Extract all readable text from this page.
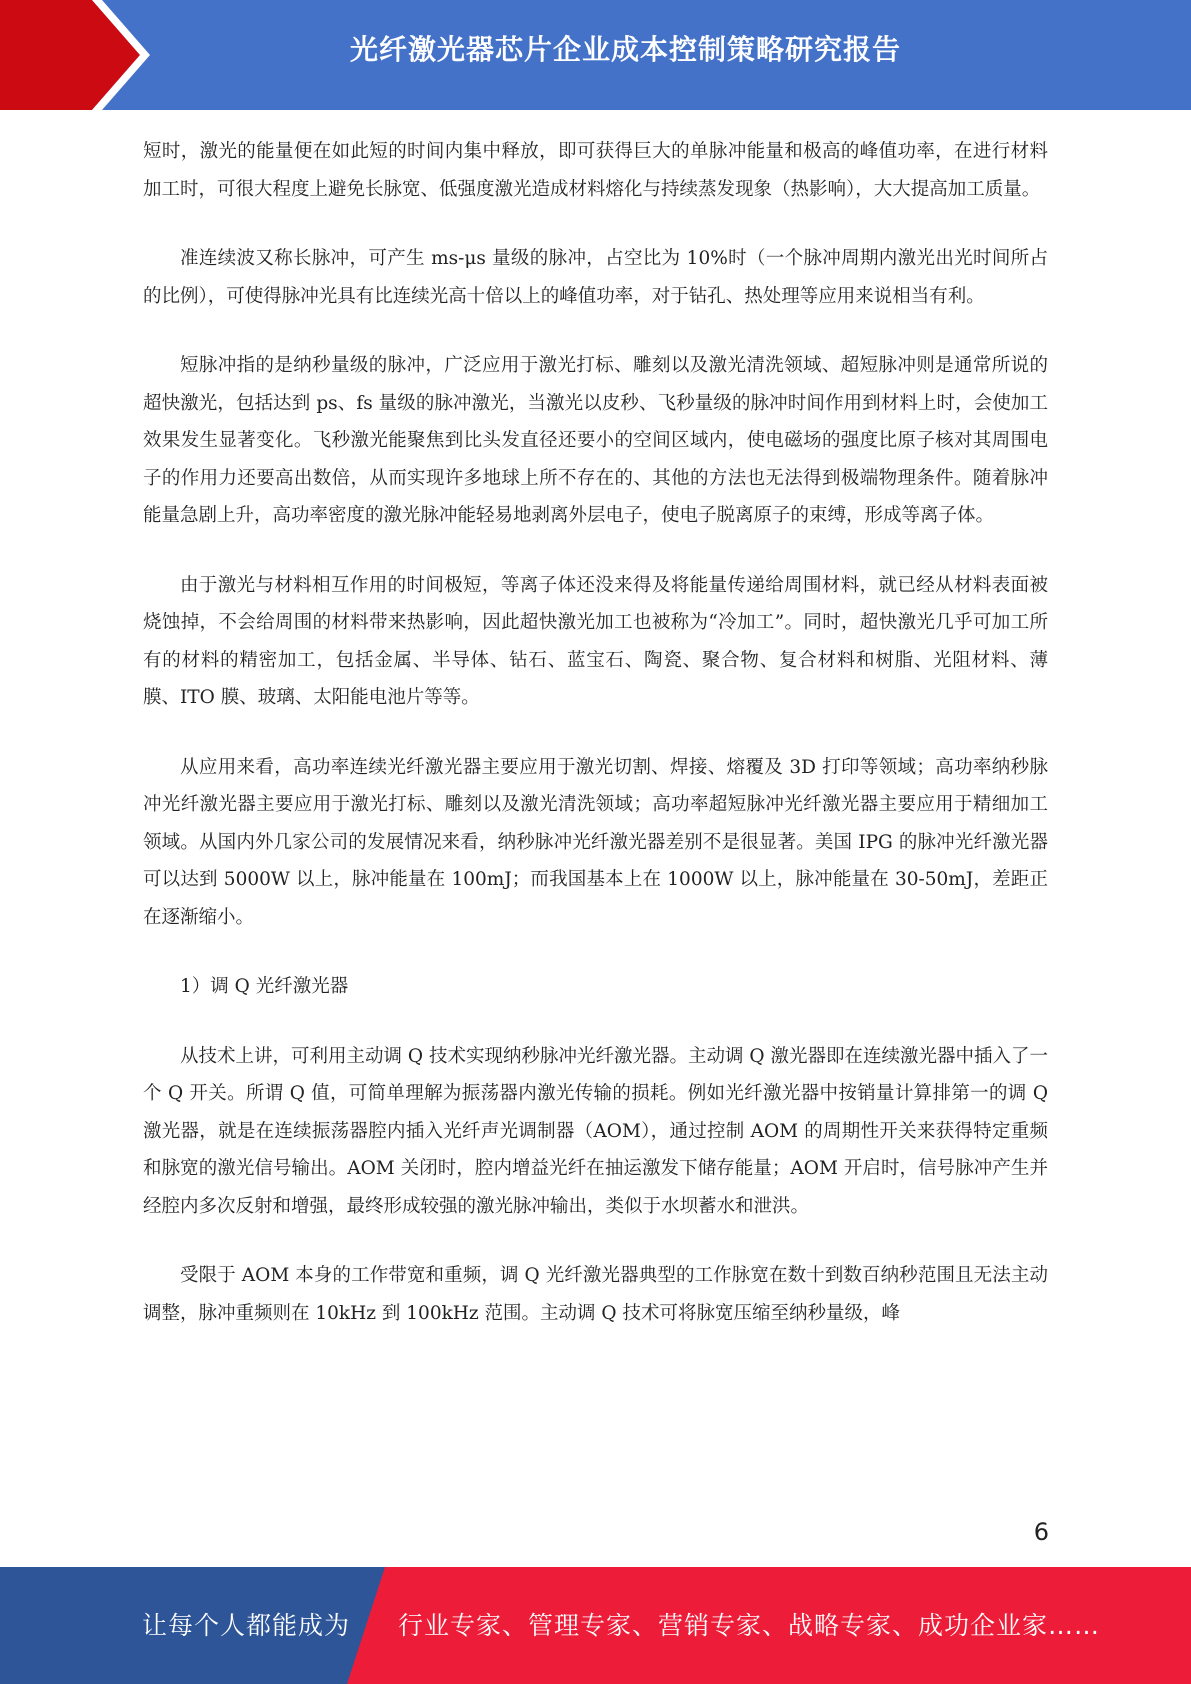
光纤激光器芯片企业成本控制策略研究报告

短时，激光的能量便在如此短的时间内集中释放，即可获得巨大的单脉冲能量和极高的峰值功率，在进行材料加工时，可很大程度上避免长脉宽、低强度激光造成材料熔化与持续蒸发现象（热影响），大大提高加工质量。

准连续波又称长脉冲，可产生 ms-μs 量级的脉冲，占空比为 10%时（一个脉冲周期内激光出光时间所占的比例），可使得脉冲光具有比连续光高十倍以上的峰值功率，对于钻孔、热处理等应用来说相当有利。

短脉冲指的是纳秒量级的脉冲，广泛应用于激光打标、雕刻以及激光清洗领域、超短脉冲则是通常所说的超快激光，包括达到 ps、fs 量级的脉冲激光，当激光以皮秒、飞秒量级的脉冲时间作用到材料上时，会使加工效果发生显著变化。飞秒激光能聚焦到比头发直径还要小的空间区域内，使电磁场的强度比原子核对其周围电子的作用力还要高出数倍，从而实现许多地球上所不存在的、其他的方法也无法得到极端物理条件。随着脉冲能量急剧上升，高功率密度的激光脉冲能轻易地剥离外层电子，使电子脱离原子的束缚，形成等离子体。

由于激光与材料相互作用的时间极短，等离子体还没来得及将能量传递给周围材料，就已经从材料表面被烧蚀掉，不会给周围的材料带来热影响，因此超快激光加工也被称为“冷加工”。同时，超快激光几乎可加工所有的材料的精密加工，包括金属、半导体、钻石、蓝宝石、陶瓷、聚合物、复合材料和树脂、光阻材料、薄膜、ITO 膜、玻璃、太阳能电池片等等。

从应用来看，高功率连续光纤激光器主要应用于激光切割、焊接、熔覆及 3D 打印等领域；高功率纳秒脉冲光纤激光器主要应用于激光打标、雕刻以及激光清洗领域；高功率超短脉冲光纤激光器主要应用于精细加工领域。从国内外几家公司的发展情况来看，纳秒脉冲光纤激光器差别不是很显著。美国 IPG 的脉冲光纤激光器可以达到 5000W 以上，脉冲能量在 100mJ；而我国基本上在 1000W 以上，脉冲能量在 30-50mJ，差距正在逐渐缩小。

1）调 Q 光纤激光器

从技术上讲，可利用主动调 Q 技术实现纳秒脉冲光纤激光器。主动调 Q 激光器即在连续激光器中插入了一个 Q 开关。所谓 Q 值，可简单理解为振荡器内激光传输的损耗。例如光纤激光器中按销量计算排第一的调 Q 激光器，就是在连续振荡器腔内插入光纤声光调制器（AOM），通过控制 AOM 的周期性开关来获得特定重频和脉宽的激光信号输出。AOM 关闭时，腔内增益光纤在抽运激发下储存能量；AOM 开启时，信号脉冲产生并经腔内多次反射和增强，最终形成较强的激光脉冲输出，类似于水坝蓄水和泄洪。

受限于 AOM 本身的工作带宽和重频，调 Q 光纤激光器典型的工作脉宽在数十到数百纳秒范围且无法主动调整，脉冲重频则在 10kHz 到 100kHz 范围。主动调 Q 技术可将脉宽压缩至纳秒量级，峰

6
让每个人都能成为 行业专家、管理专家、营销专家、战略专家、成功企业家……
